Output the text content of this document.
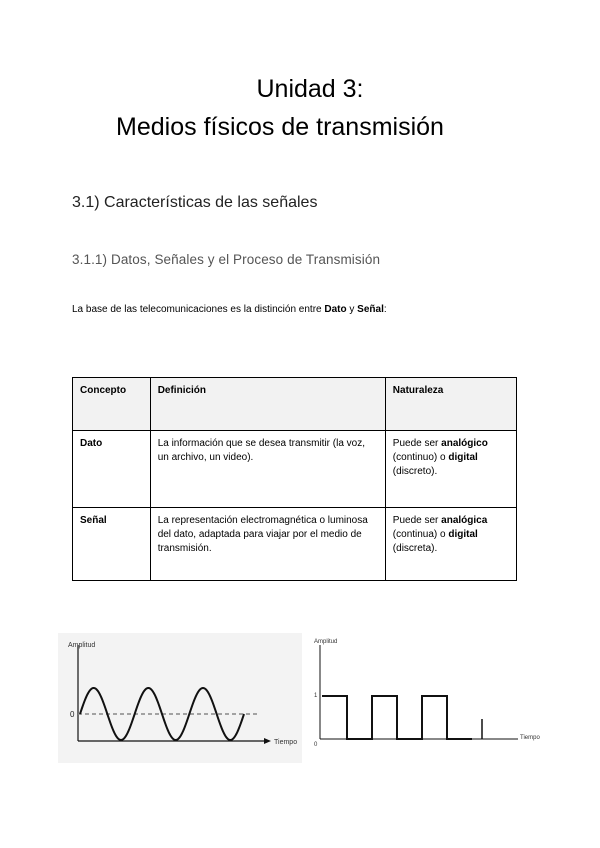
Unidad 3:
Medios físicos de transmisión
3.1) Características de las señales
3.1.1) Datos, Señales y el Proceso de Transmisión

La base de las telecomunicaciones es la distinción entre Dato y Señal:

Concepto	Definición	Naturaleza
Dato	La información que se desea transmitir (la voz, un archivo, un video).	Puede ser analógico (continuo) o digital (discreto).
Señal	La representación electromagnética o luminosa del dato, adaptada para viajar por el medio de transmisión.	Puede ser analógica (continua) o digital (discreta).
Amplitud
Tiempo
0
Amplitud
Tiempo
1
0
